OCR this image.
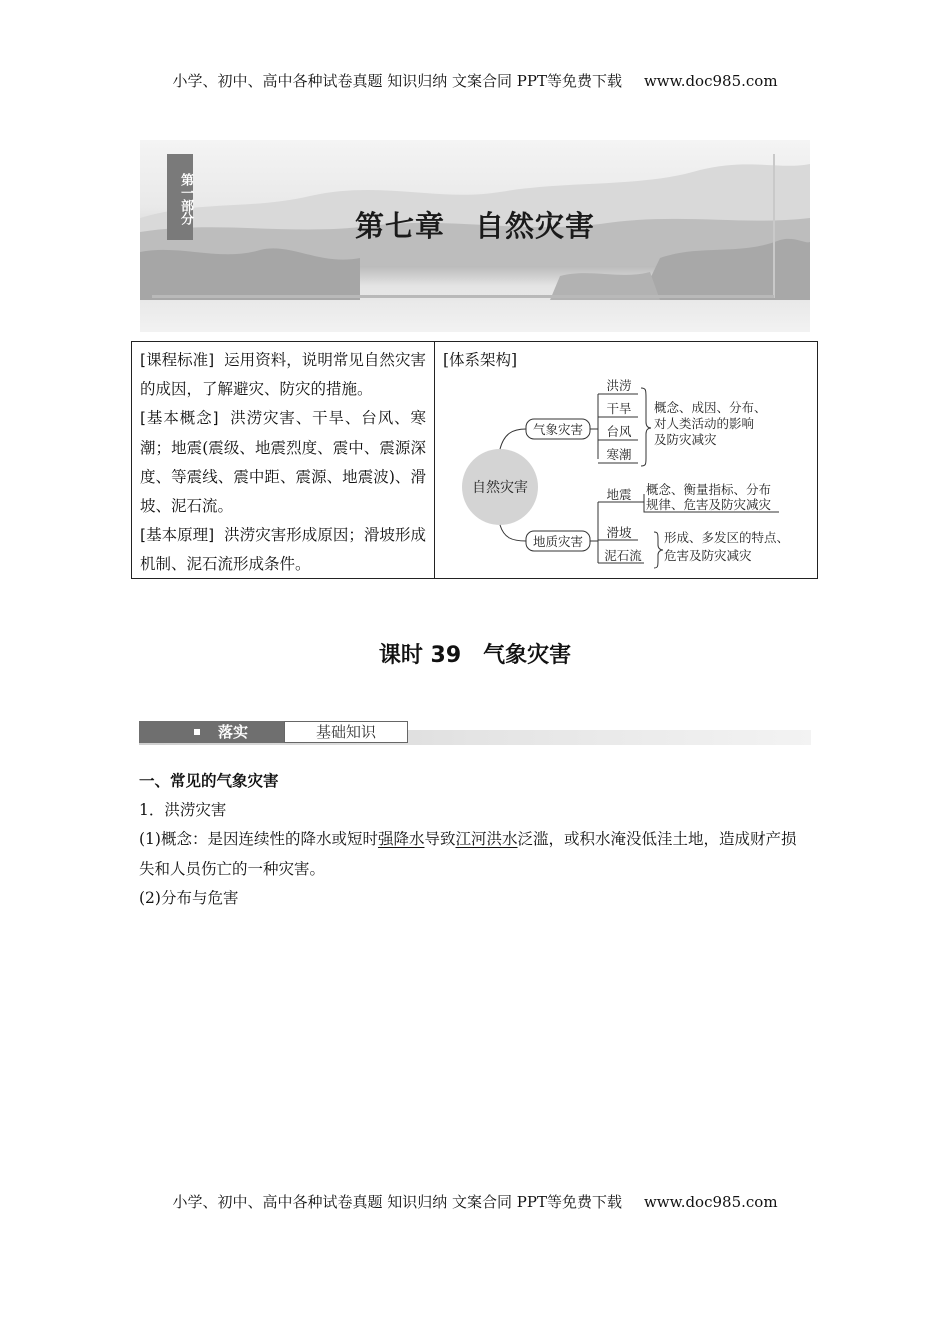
小学、初中、高中各种试卷真题 知识归纳 文案合同 PPT等免费下载 www.doc985.com
第一部分
第七章　自然灾害
[课程标准] 运用资料，说明常见自然灾害的成因，了解避灾、防灾的措施。
[基本概念] 洪涝灾害、干旱、台风、寒潮；地震(震级、地震烈度、震中、震源深度、等震线、震中距、震源、地震波)、滑坡、泥石流。
[基本原理] 洪涝灾害形成原因；滑坡形成机制、泥石流形成条件。
[体系架构]
自然灾害
气象灾害
洪涝
干旱
台风
寒潮
概念、成因、分布、
对人类活动的影响
及防灾减灾
地质灾害
地震
滑坡
泥石流
概念、衡量指标、分布
规律、危害及防灾减灾
形成、多发区的特点、
危害及防灾减灾
课时 39　气象灾害
落实	基础知识
一、常见的气象灾害
1．洪涝灾害
(1)概念：是因连续性的降水或短时强降水导致江河洪水泛滥，或积水淹没低洼土地，造成财产损失和人员伤亡的一种灾害。
(2)分布与危害
小学、初中、高中各种试卷真题 知识归纳 文案合同 PPT等免费下载 www.doc985.com
